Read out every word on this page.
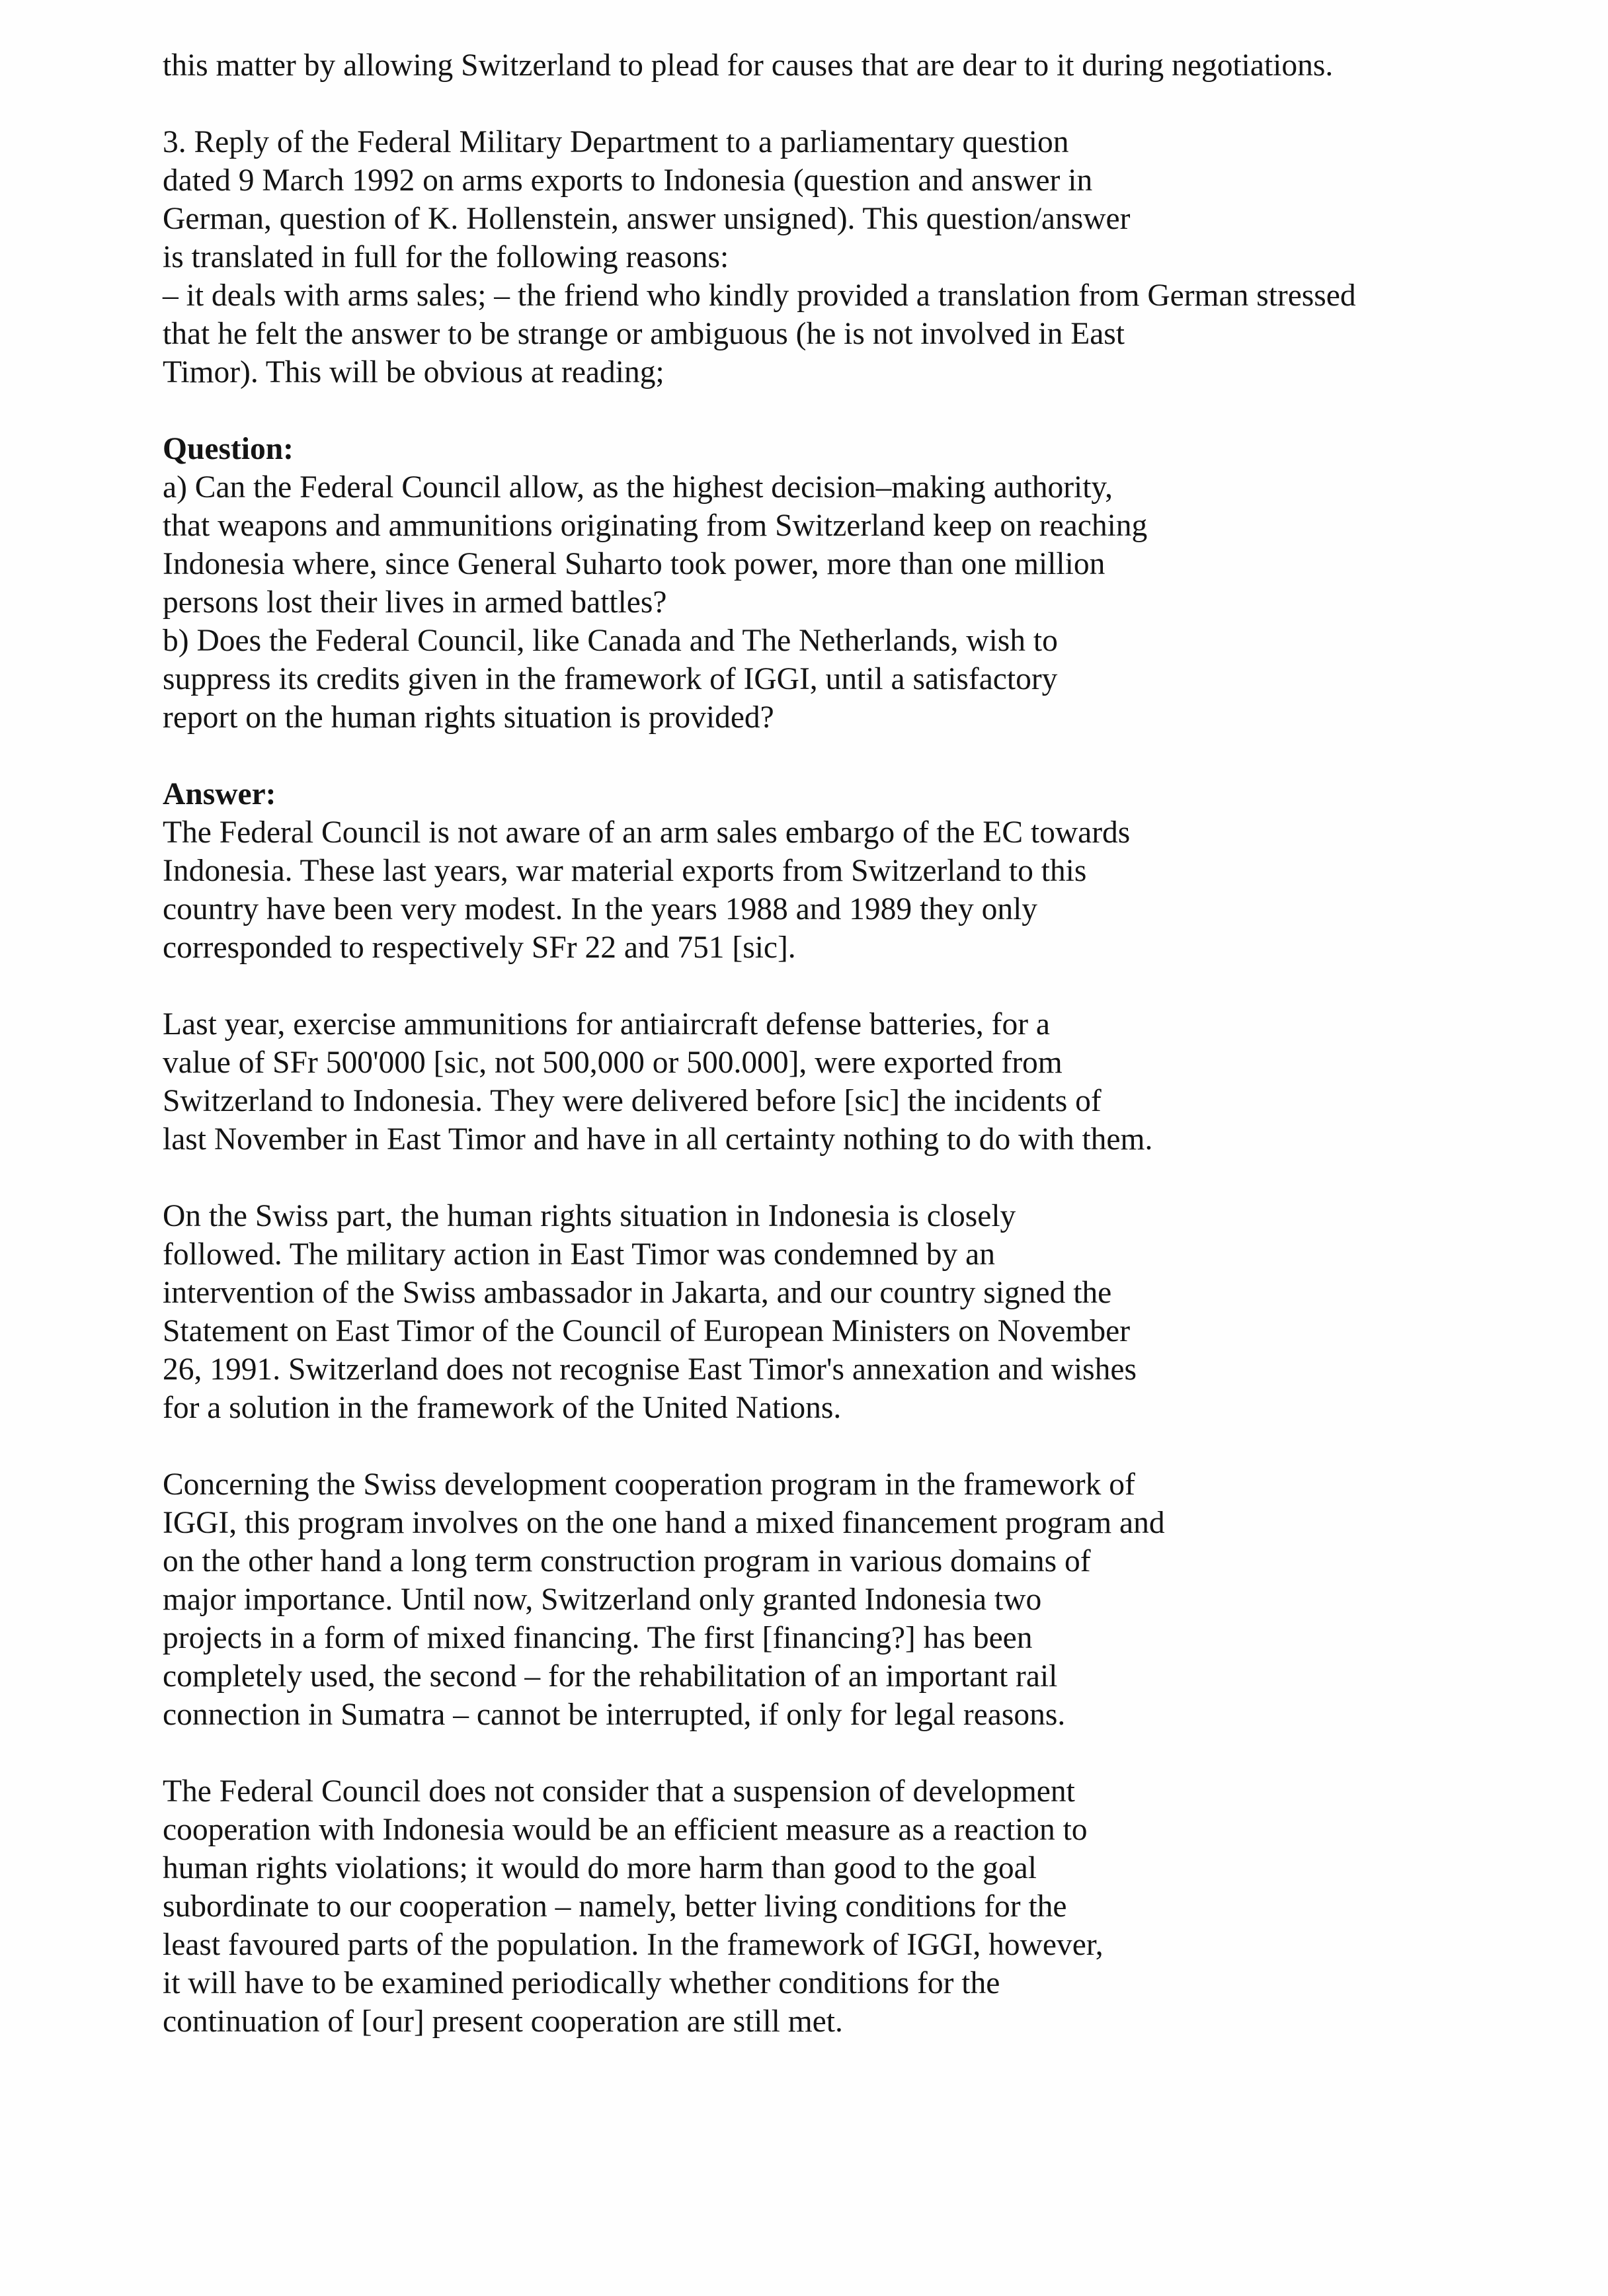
this matter by allowing Switzerland to plead for causes that are dear to it during negotiations.
3. Reply of the Federal Military Department to a parliamentary question
dated 9 March 1992 on arms exports to Indonesia (question and answer in
German, question of K. Hollenstein, answer unsigned). This question/answer
is translated in full for the following reasons:
– it deals with arms sales; – the friend who kindly provided a translation from German stressed
that he felt the answer to be strange or ambiguous (he is not involved in East
Timor). This will be obvious at reading;
Question:
a) Can the Federal Council allow, as the highest decision–making authority,
that weapons and ammunitions originating from Switzerland keep on reaching
Indonesia where, since General Suharto took power, more than one million
persons lost their lives in armed battles?
b) Does the Federal Council, like Canada and The Netherlands, wish to
suppress its credits given in the framework of IGGI, until a satisfactory
report on the human rights situation is provided?
Answer:
The Federal Council is not aware of an arm sales embargo of the EC towards
Indonesia. These last years, war material exports from Switzerland to this
country have been very modest. In the years 1988 and 1989 they only
corresponded to respectively SFr 22 and 751 [sic].
Last year, exercise ammunitions for antiaircraft defense batteries, for a
value of SFr 500'000 [sic, not 500,000 or 500.000], were exported from
Switzerland to Indonesia. They were delivered before [sic] the incidents of
last November in East Timor and have in all certainty nothing to do with them.
On the Swiss part, the human rights situation in Indonesia is closely
followed. The military action in East Timor was condemned by an
intervention of the Swiss ambassador in Jakarta, and our country signed the
Statement on East Timor of the Council of European Ministers on November
26, 1991. Switzerland does not recognise East Timor's annexation and wishes
for a solution in the framework of the United Nations.
Concerning the Swiss development cooperation program in the framework of
IGGI, this program involves on the one hand a mixed financement program and
on the other hand a long term construction program in various domains of
major importance. Until now, Switzerland only granted Indonesia two
projects in a form of mixed financing. The first [financing?] has been
completely used, the second – for the rehabilitation of an important rail
connection in Sumatra – cannot be interrupted, if only for legal reasons.
The Federal Council does not consider that a suspension of development
cooperation with Indonesia would be an efficient measure as a reaction to
human rights violations; it would do more harm than good to the goal
subordinate to our cooperation – namely, better living conditions for the
least favoured parts of the population. In the framework of IGGI, however,
it will have to be examined periodically whether conditions for the
continuation of [our] present cooperation are still met.
